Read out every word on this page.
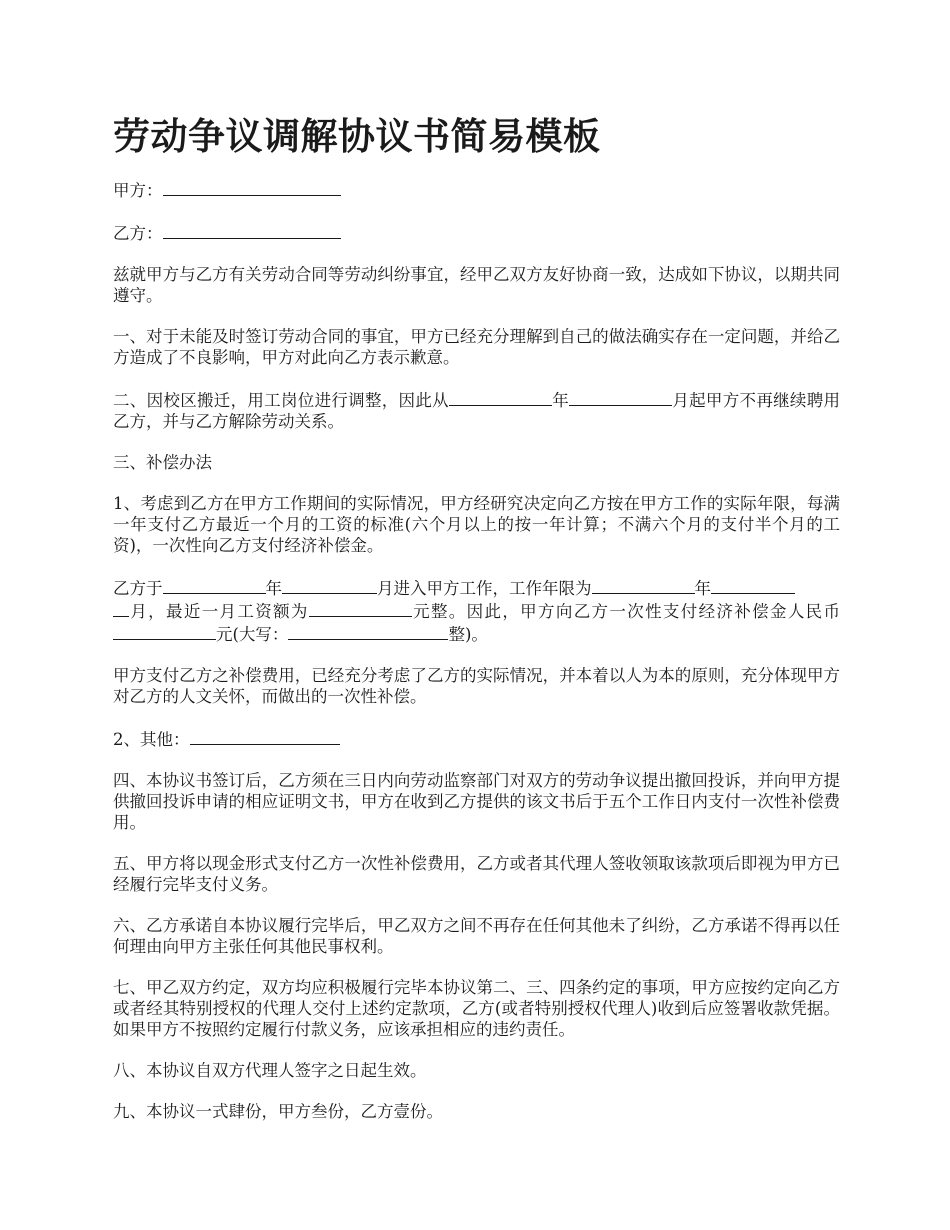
劳动争议调解协议书简易模板

甲方：

乙方：

兹就甲方与乙方有关劳动合同等劳动纠纷事宜，经甲乙双方友好协商一致，达成如下协议，以期共同遵守。

一、对于未能及时签订劳动合同的事宜，甲方已经充分理解到自己的做法确实存在一定问题，并给乙方造成了不良影响，甲方对此向乙方表示歉意。

二、因校区搬迁，用工岗位进行调整，因此从	年	月起甲方不再继续聘用乙方，并与乙方解除劳动关系。

三、补偿办法

1、考虑到乙方在甲方工作期间的实际情况，甲方经研究决定向乙方按在甲方工作的实际年限，每满一年支付乙方最近一个月的工资的标准(六个月以上的按一年计算；不满六个月的支付半个月的工资)，一次性向乙方支付经济补偿金。

乙方于	年	月进入甲方工作，工作年限为	年
月，最近一月工资额为	元整。因此，甲方向乙方一次性支付经济补偿金人民币元(大写：	整)。

甲方支付乙方之补偿费用，已经充分考虑了乙方的实际情况，并本着以人为本的原则，充分体现甲方对乙方的人文关怀，而做出的一次性补偿。

2、其他：

四、本协议书签订后，乙方须在三日内向劳动监察部门对双方的劳动争议提出撤回投诉，并向甲方提供撤回投诉申请的相应证明文书，甲方在收到乙方提供的该文书后于五个工作日内支付一次性补偿费用。

五、甲方将以现金形式支付乙方一次性补偿费用，乙方或者其代理人签收领取该款项后即视为甲方已经履行完毕支付义务。

六、乙方承诺自本协议履行完毕后，甲乙双方之间不再存在任何其他未了纠纷，乙方承诺不得再以任何理由向甲方主张任何其他民事权利。

七、甲乙双方约定，双方均应积极履行完毕本协议第二、三、四条约定的事项，甲方应按约定向乙方或者经其特别授权的代理人交付上述约定款项，乙方(或者特别授权代理人)收到后应签署收款凭据。如果甲方不按照约定履行付款义务，应该承担相应的违约责任。

八、本协议自双方代理人签字之日起生效。

九、本协议一式肆份，甲方叁份，乙方壹份。
